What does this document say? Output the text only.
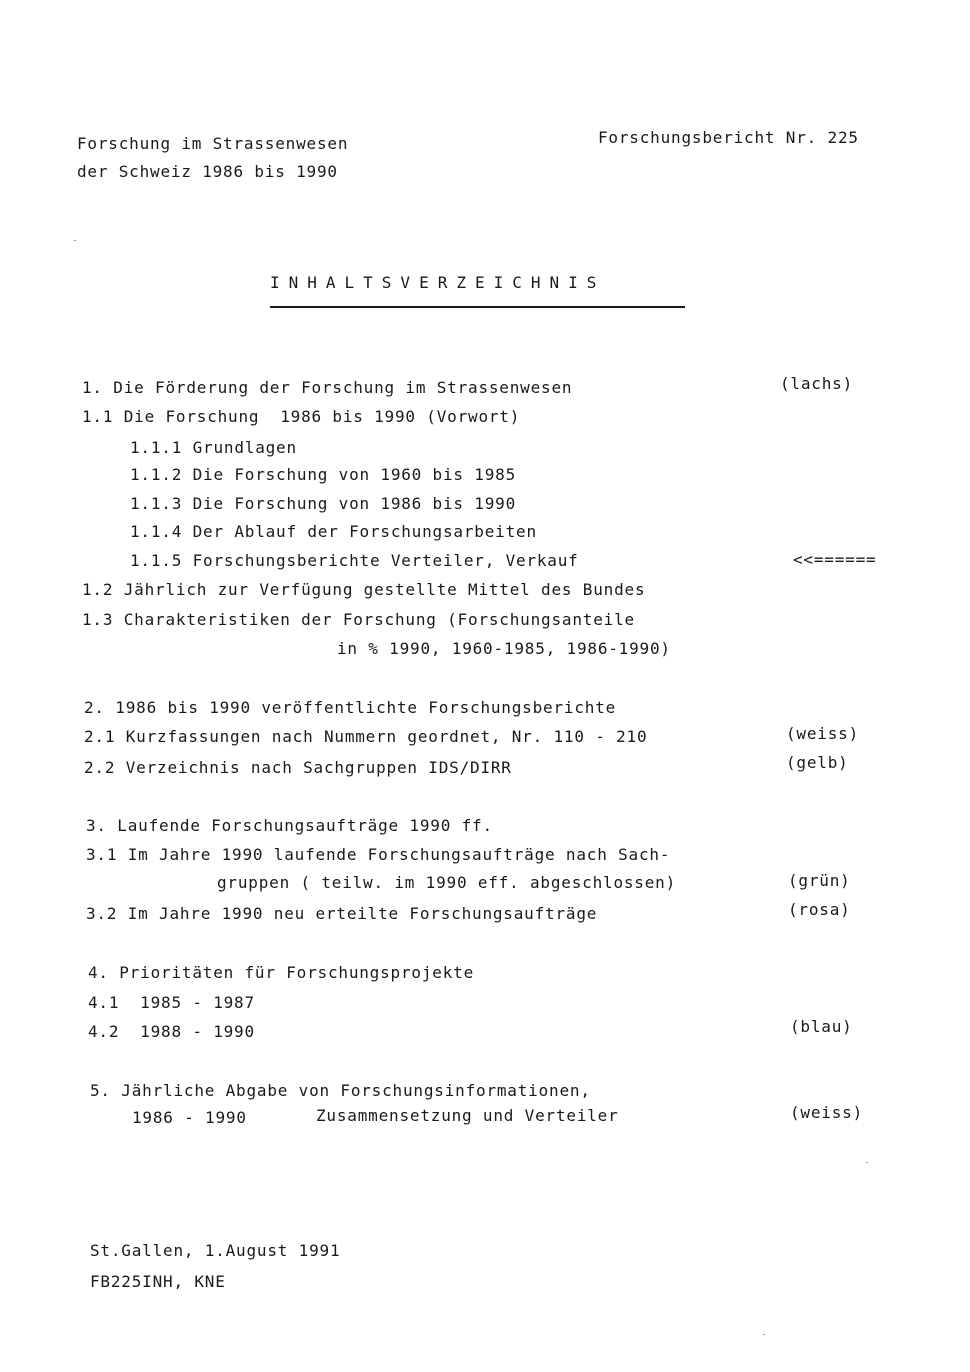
Forschung im Strassenwesen
der Schweiz 1986 bis 1990
Forschungsbericht Nr. 225
INHALTSVERZEICHNIS
1. Die Förderung der Forschung im Strassenwesen	(lachs)
1.1 Die Forschung  1986 bis 1990 (Vorwort)
1.1.1 Grundlagen
1.1.2 Die Forschung von 1960 bis 1985
1.1.3 Die Forschung von 1986 bis 1990
1.1.4 Der Ablauf der Forschungsarbeiten
1.1.5 Forschungsberichte Verteiler, Verkauf	<<======
1.2 Jährlich zur Verfügung gestellte Mittel des Bundes
1.3 Charakteristiken der Forschung (Forschungsanteile
in % 1990, 1960-1985, 1986-1990)
2. 1986 bis 1990 veröffentlichte Forschungsberichte
2.1 Kurzfassungen nach Nummern geordnet, Nr. 110 - 210	(weiss)
2.2 Verzeichnis nach Sachgruppen IDS/DIRR	(gelb)
3. Laufende Forschungsaufträge 1990 ff.
3.1 Im Jahre 1990 laufende Forschungsaufträge nach Sach-
gruppen ( teilw. im 1990 eff. abgeschlossen)	(grün)
3.2 Im Jahre 1990 neu erteilte Forschungsaufträge	(rosa)
4. Prioritäten für Forschungsprojekte
4.1  1985 - 1987
4.2  1988 - 1990	(blau)
5. Jährliche Abgabe von Forschungsinformationen,
1986 - 1990	Zusammensetzung und Verteiler	(weiss)
St.Gallen, 1.August 1991
FB225INH, KNE
